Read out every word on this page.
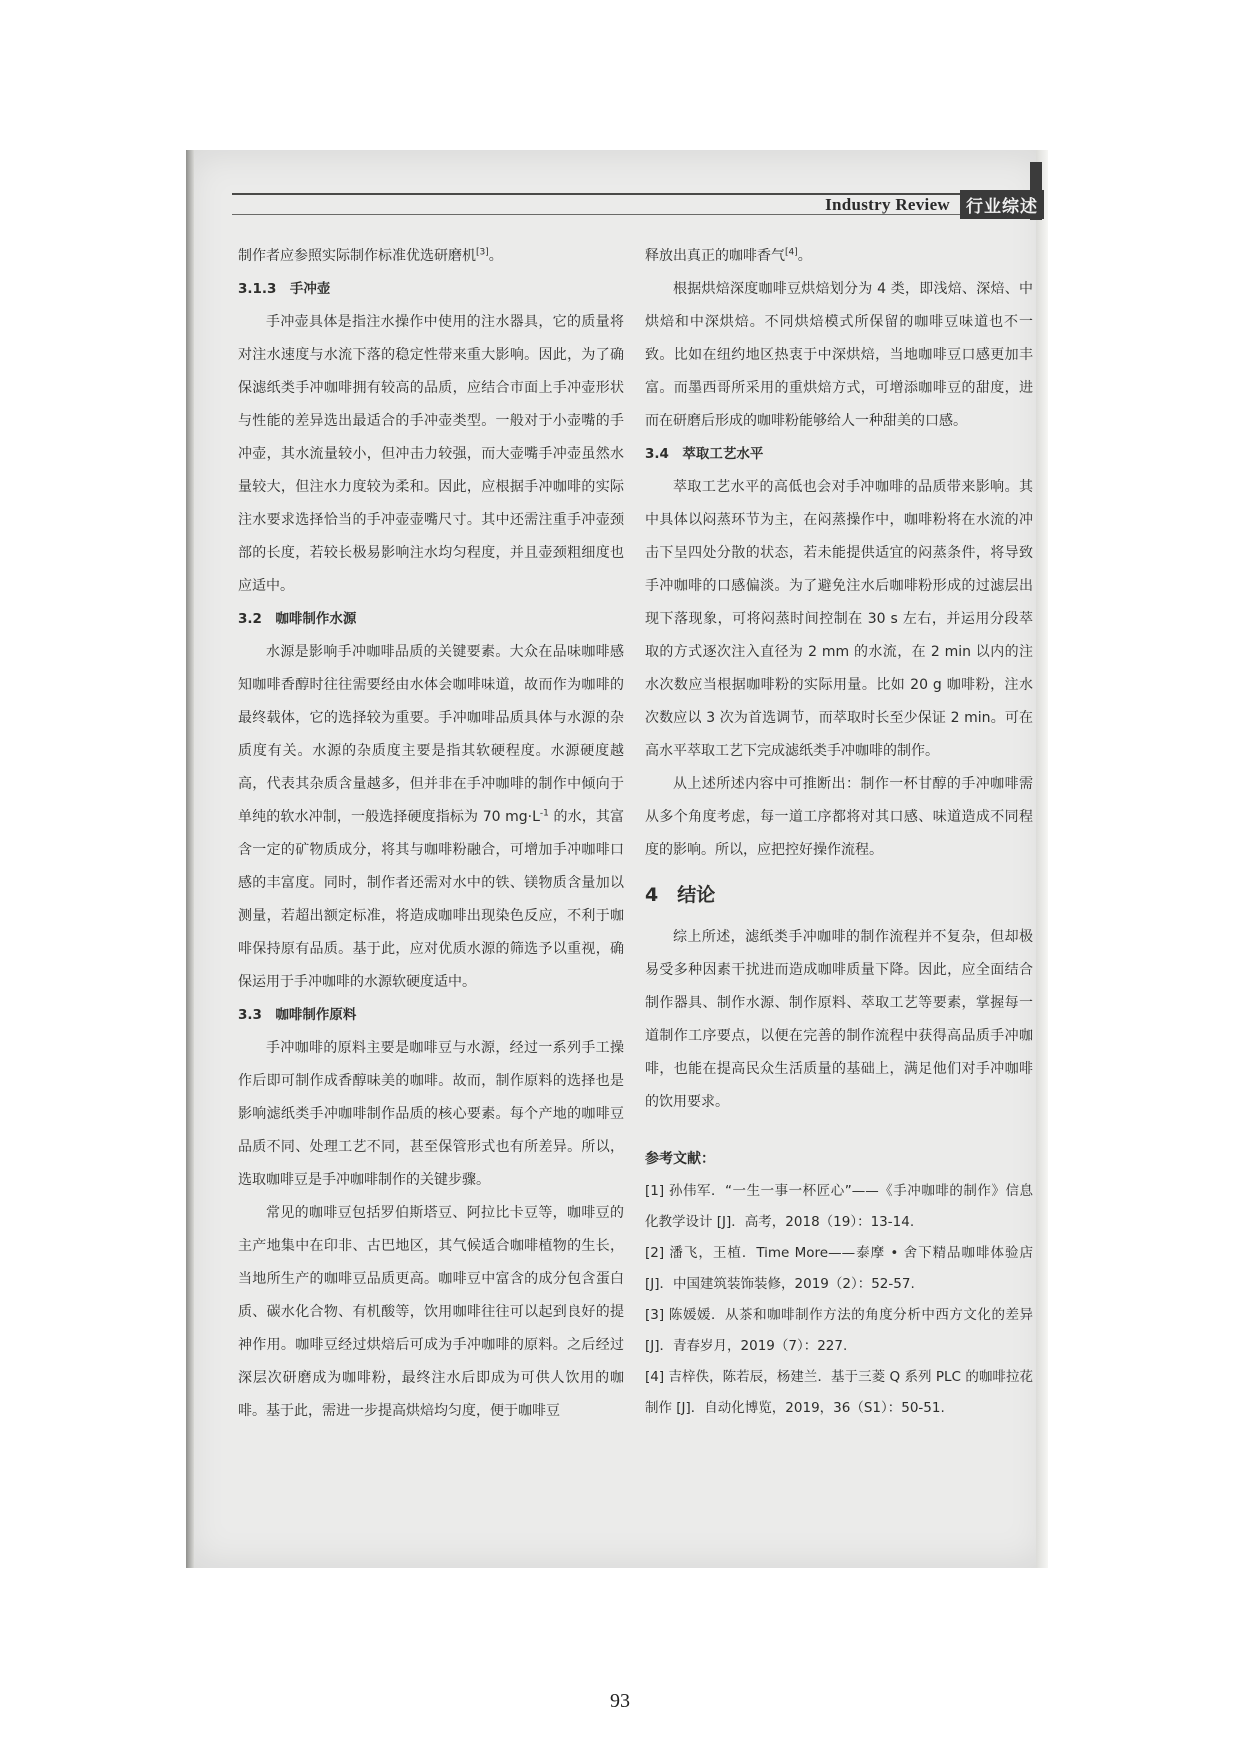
Industry Review 行业综述

制作者应参照实际制作标准优选研磨机[3]。

3.1.3　手冲壶

手冲壶具体是指注水操作中使用的注水器具，它的质量将对注水速度与水流下落的稳定性带来重大影响。因此，为了确保滤纸类手冲咖啡拥有较高的品质，应结合市面上手冲壶形状与性能的差异选出最适合的手冲壶类型。一般对于小壶嘴的手冲壶，其水流量较小，但冲击力较强，而大壶嘴手冲壶虽然水量较大，但注水力度较为柔和。因此，应根据手冲咖啡的实际注水要求选择恰当的手冲壶壶嘴尺寸。其中还需注重手冲壶颈部的长度，若较长极易影响注水均匀程度，并且壶颈粗细度也应适中。

3.2　咖啡制作水源

水源是影响手冲咖啡品质的关键要素。大众在品味咖啡感知咖啡香醇时往往需要经由水体会咖啡味道，故而作为咖啡的最终载体，它的选择较为重要。手冲咖啡品质具体与水源的杂质度有关。水源的杂质度主要是指其软硬程度。水源硬度越高，代表其杂质含量越多，但并非在手冲咖啡的制作中倾向于单纯的软水冲制，一般选择硬度指标为 70 $mg\cdot L^{-1}$ 的水，其富含一定的矿物质成分，将其与咖啡粉融合，可增加手冲咖啡口感的丰富度。同时，制作者还需对水中的铁、镁物质含量加以测量，若超出额定标准，将造成咖啡出现染色反应，不利于咖啡保持原有品质。基于此，应对优质水源的筛选予以重视，确保运用于手冲咖啡的水源软硬度适中。

3.3　咖啡制作原料

手冲咖啡的原料主要是咖啡豆与水源，经过一系列手工操作后即可制作成香醇味美的咖啡。故而，制作原料的选择也是影响滤纸类手冲咖啡制作品质的核心要素。每个产地的咖啡豆品质不同、处理工艺不同，甚至保管形式也有所差异。所以，选取咖啡豆是手冲咖啡制作的关键步骤。

常见的咖啡豆包括罗伯斯塔豆、阿拉比卡豆等，咖啡豆的主产地集中在印非、古巴地区，其气候适合咖啡植物的生长，当地所生产的咖啡豆品质更高。咖啡豆中富含的成分包含蛋白质、碳水化合物、有机酸等，饮用咖啡往往可以起到良好的提神作用。咖啡豆经过烘焙后可成为手冲咖啡的原料。之后经过深层次研磨成为咖啡粉，最终注水后即成为可供人饮用的咖啡。基于此，需进一步提高烘焙均匀度，便于咖啡豆

释放出真正的咖啡香气[4]。

根据烘焙深度咖啡豆烘焙划分为 4 类，即浅焙、深焙、中烘焙和中深烘焙。不同烘焙模式所保留的咖啡豆味道也不一致。比如在纽约地区热衷于中深烘焙，当地咖啡豆口感更加丰富。而墨西哥所采用的重烘焙方式，可增添咖啡豆的甜度，进而在研磨后形成的咖啡粉能够给人一种甜美的口感。

3.4　萃取工艺水平

萃取工艺水平的高低也会对手冲咖啡的品质带来影响。其中具体以闷蒸环节为主，在闷蒸操作中，咖啡粉将在水流的冲击下呈四处分散的状态，若未能提供适宜的闷蒸条件，将导致手冲咖啡的口感偏淡。为了避免注水后咖啡粉形成的过滤层出现下落现象，可将闷蒸时间控制在 30 s 左右，并运用分段萃取的方式逐次注入直径为 2 mm 的水流，在 2 min 以内的注水次数应当根据咖啡粉的实际用量。比如 20 g 咖啡粉，注水次数应以 3 次为首选调节，而萃取时长至少保证 2 min。可在高水平萃取工艺下完成滤纸类手冲咖啡的制作。

从上述所述内容中可推断出：制作一杯甘醇的手冲咖啡需从多个角度考虑，每一道工序都将对其口感、味道造成不同程度的影响。所以，应把控好操作流程。

4　结论

综上所述，滤纸类手冲咖啡的制作流程并不复杂，但却极易受多种因素干扰进而造成咖啡质量下降。因此，应全面结合制作器具、制作水源、制作原料、萃取工艺等要素，掌握每一道制作工序要点，以便在完善的制作流程中获得高品质手冲咖啡，也能在提高民众生活质量的基础上，满足他们对手冲咖啡的饮用要求。

参考文献：

[1] 孙伟军．“一生一事一杯匠心”——《手冲咖啡的制作》信息化教学设计 [J]．高考，2018（19）：13-14.

[2] 潘飞，王植．Time More——泰摩 • 舍下精品咖啡体验店 [J]．中国建筑装饰装修，2019（2）：52-57.

[3] 陈媛媛．从茶和咖啡制作方法的角度分析中西方文化的差异 [J]．青春岁月，2019（7）：227.

[4] 吉梓佚，陈若辰，杨建兰．基于三菱 Q 系列 PLC 的咖啡拉花制作 [J]．自动化博览，2019，36（S1）：50-51.

93
